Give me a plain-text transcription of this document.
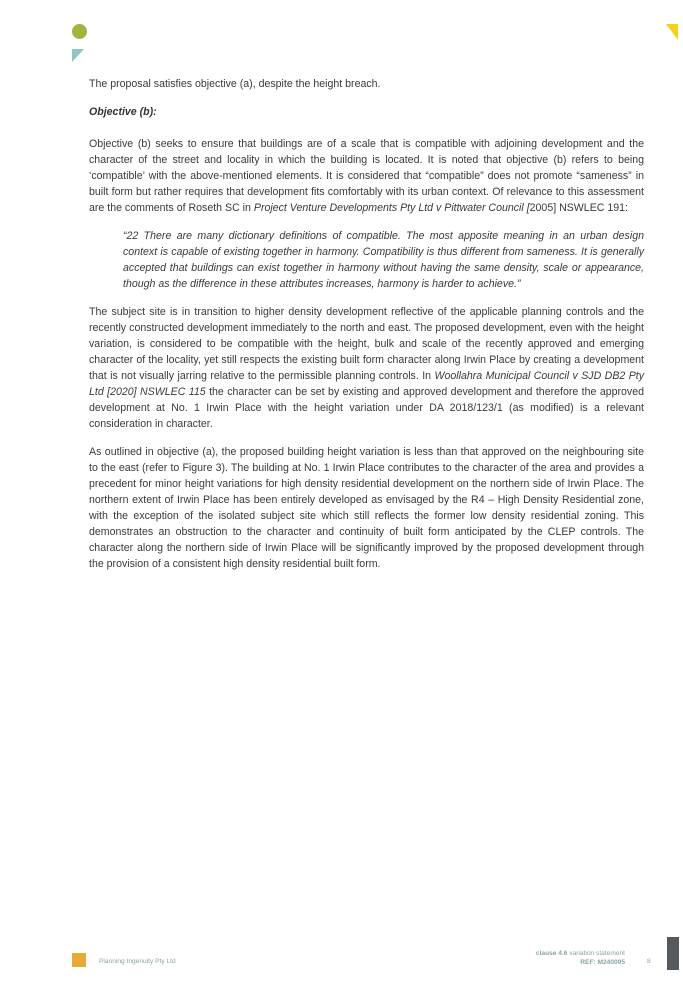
The proposal satisfies objective (a), despite the height breach.

Objective (b):

Objective (b) seeks to ensure that buildings are of a scale that is compatible with adjoining development and the character of the street and locality in which the building is located. It is noted that objective (b) refers to being ‘compatible’ with the above-mentioned elements. It is considered that “compatible” does not promote “sameness” in built form but rather requires that development fits comfortably with its urban context. Of relevance to this assessment are the comments of Roseth SC in Project Venture Developments Pty Ltd v Pittwater Council [2005] NSWLEC 191:

“22 There are many dictionary definitions of compatible. The most apposite meaning in an urban design context is capable of existing together in harmony. Compatibility is thus different from sameness. It is generally accepted that buildings can exist together in harmony without having the same density, scale or appearance, though as the difference in these attributes increases, harmony is harder to achieve.”

The subject site is in transition to higher density development reflective of the applicable planning controls and the recently constructed development immediately to the north and east. The proposed development, even with the height variation, is considered to be compatible with the height, bulk and scale of the recently approved and emerging character of the locality, yet still respects the existing built form character along Irwin Place by creating a development that is not visually jarring relative to the permissible planning controls. In Woollahra Municipal Council v SJD DB2 Pty Ltd [2020] NSWLEC 115 the character can be set by existing and approved development and therefore the approved development at No. 1 Irwin Place with the height variation under DA 2018/123/1 (as modified) is a relevant consideration in character.

As outlined in objective (a), the proposed building height variation is less than that approved on the neighbouring site to the east (refer to Figure 3). The building at No. 1 Irwin Place contributes to the character of the area and provides a precedent for minor height variations for high density residential development on the northern side of Irwin Place. The northern extent of Irwin Place has been entirely developed as envisaged by the R4 – High Density Residential zone, with the exception of the isolated subject site which still reflects the former low density residential zoning. This demonstrates an obstruction to the character and continuity of built form anticipated by the CLEP controls. The character along the northern side of Irwin Place will be significantly improved by the proposed development through the provision of a consistent high density residential built form.

Planning Ingenuity Pty Ltd
clause 4.6 variation statement
REF: M240095	8
